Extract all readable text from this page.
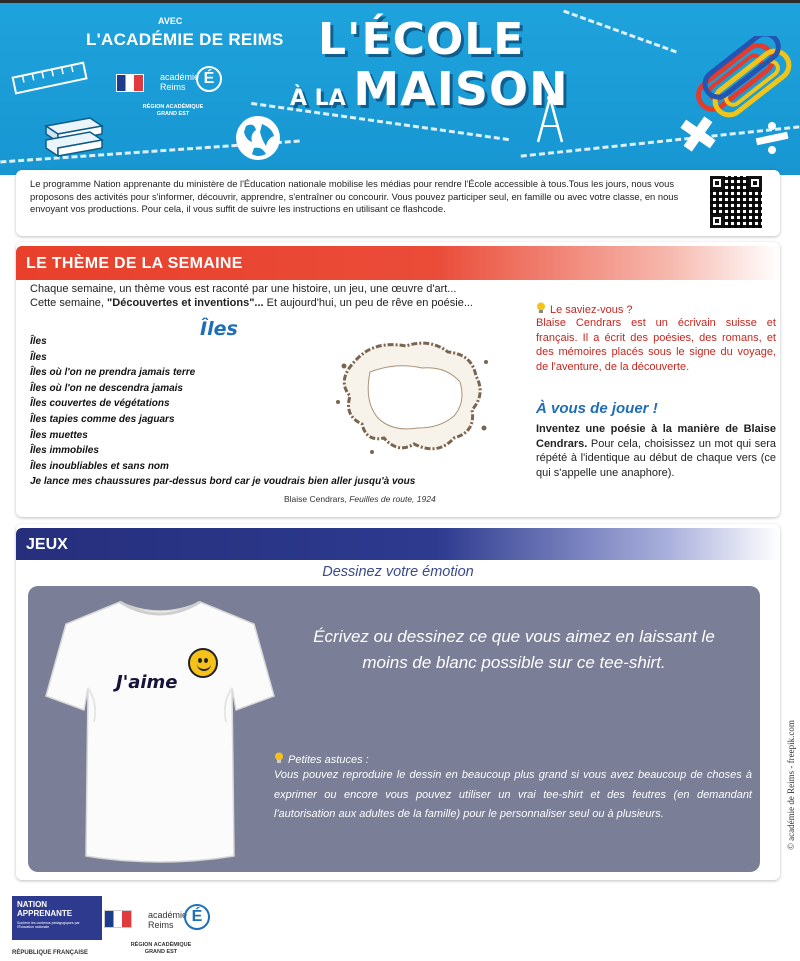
AVEC
L'ACADÉMIE DE REIMS
académie
Reims	É
RÉGION ACADÉMIQUE
GRAND EST
L'ÉCOLE
À LA MAISON

Le programme Nation apprenante du ministère de l'Éducation nationale mobilise les médias pour rendre l'École accessible à tous.Tous les jours, nous vous proposons des activités pour s'informer, découvrir, apprendre, s'entraîner ou concourir. Vous pouvez participer seul, en famille ou avec votre classe, en nous envoyant vos productions. Pour cela, il vous suffit de suivre les instructions en utilisant ce flashcode.

LE THÈME DE LA SEMAINE
Chaque semaine, un thème vous est raconté par une histoire, un jeu, une œuvre d'art...
Cette semaine, "Découvertes et inventions"... Et aujourd'hui, un peu de rêve en poésie...
Îles
Îles
Îles
Îles où l'on ne prendra jamais terre
Îles où l'on ne descendra jamais
Îles couvertes de végétations
Îles tapies comme des jaguars
Îles muettes
Îles immobiles
Îles inoubliables et sans nom
Je lance mes chaussures par-dessus bord car je voudrais bien aller jusqu'à vous
Blaise Cendrars, Feuilles de route, 1924
Le saviez-vous ?
Blaise Cendrars est un écrivain suisse et français. Il a écrit des poésies, des romans, et des mémoires placés sous le signe du voyage, de l'aventure, de la découverte.
À vous de jouer !
Inventez une poésie à la manière de Blaise Cendrars. Pour cela, choisissez un mot qui sera répété à l'identique au début de chaque vers (ce qui s'appelle une anaphore).
JEUX
Dessinez votre émotion
J'aime
Écrivez ou dessinez ce que vous aimez en laissant le moins de blanc possible sur ce tee-shirt.
Petites astuces :
Vous pouvez reproduire le dessin en beaucoup plus grand si vous avez beaucoup de choses à exprimer ou encore vous pouvez utiliser un vrai tee-shirt et des feutres (en demandant l'autorisation aux adultes de la famille) pour le personnaliser seul ou à plusieurs.	© académie de Reims - freepik.com
NATION
APPRENANTE
Soutenir les contenus pédagogiques par l'Éducation nationale
RÉPUBLIQUE FRANÇAISE
académie
Reims	É
RÉGION ACADÉMIQUE
GRAND EST
